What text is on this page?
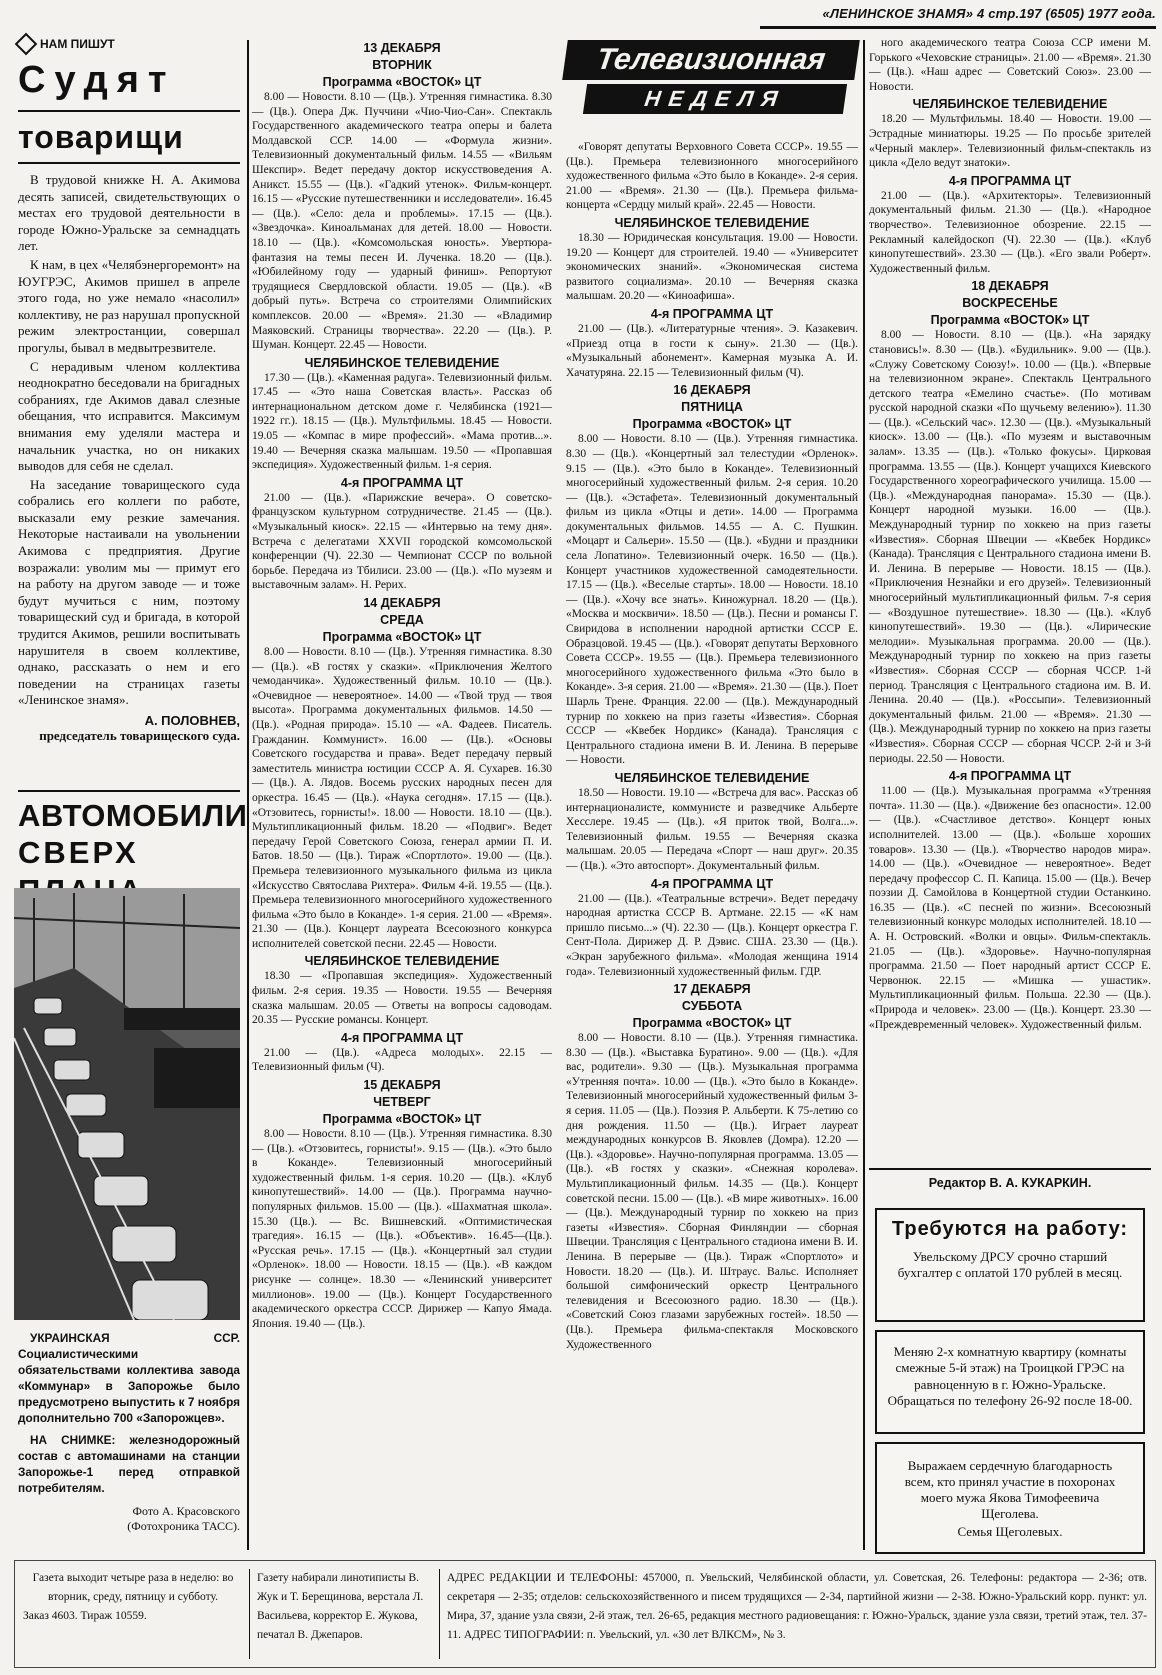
«ЛЕНИНСКОЕ ЗНАМЯ» 4 стр.197 (6505) 1977 года.
НАМ ПИШУТ
Судят
товарищи

В трудовой книжке Н. А. Акимова десять записей, свидетельствующих о местах его трудовой деятельности в городе Южно-Уральске за семнадцать лет.

К нам, в цех «Челябэнергоремонт» на ЮУГРЭС, Акимов пришел в апреле этого года, но уже немало «насолил» коллективу, не раз нарушал пропускной режим электростанции, совершал прогулы, бывал в медвытрезвителе.

С нерадивым членом коллектива неоднократно беседовали на бригадных собраниях, где Акимов давал слезные обещания, что исправится. Максимум внимания ему уделяли мастера и начальник участка, но он никаких выводов для себя не сделал.

На заседание товарищеского суда собрались его коллеги по работе, высказали ему резкие замечания. Некоторые настаивали на увольнении Акимова с предприятия. Другие возражали: уволим мы — примут его на работу на другом заводе — и тоже будут мучиться с ним, поэтому товарищеский суд и бригада, в которой трудится Акимов, решили воспитывать нарушителя в своем коллективе, однако, рассказать о нем и его поведении на страницах газеты «Ленинское знамя».

А. ПОЛОВНЕВ,
председатель товарищеского суда.
АВТОМОБИЛИ
СВЕРХ

УКРАИНСКАЯ ССР. Социалистическими обязательствами коллектива завода «Коммунар» в Запорожье было предусмотрено выпустить к 7 ноября дополнительно 700 «Запорожцев».

НА СНИМКЕ: железнодорожный состав с автомашинами на станции Запорожье-1 перед отправкой потребителям.

Фото А. Красовского
(Фотохроника ТАСС).
13 ДЕКАБРЯ
ВТОРНИК
Программа «ВОСТОК» ЦТ

8.00 — Новости. 8.10 — (Цв.). Утренняя гимнастика. 8.30 — (Цв.). Опера Дж. Пуччини «Чио-Чио-Сан». Спектакль Государственного академического театра оперы и балета Молдавской ССР. 14.00 — «Формула жизни». Телевизионный документальный фильм. 14.55 — «Вильям Шекспир». Ведет передачу доктор искусствоведения А. Аникст. 15.55 — (Цв.). «Гадкий утенок». Фильм-концерт. 16.15 — «Русские путешественники и исследователи». 16.45 — (Цв.). «Село: дела и проблемы». 17.15 — (Цв.). «Звездочка». Киноальманах для детей. 18.00 — Новости. 18.10 — (Цв.). «Комсомольская юность». Увертюра-фантазия на темы песен И. Лученка. 18.20 — (Цв.). «Юбилейному году — ударный финиш». Репортуют трудящиеся Свердловской области. 19.05 — (Цв.). «В добрый путь». Встреча со строителями Олимпийских комплексов. 20.00 — «Время». 21.30 — «Владимир Маяковский. Страницы творчества». 22.20 — (Цв.). Р. Шуман. Концерт. 22.45 — Новости.

ЧЕЛЯБИНСКОЕ ТЕЛЕВИДЕНИЕ

17.30 — (Цв.). «Каменная радуга». Телевизионный фильм. 17.45 — «Это наша Советская власть». Рассказ об интернациональном детском доме г. Челябинска (1921—1922 гг.). 18.15 — (Цв.). Мультфильмы. 18.45 — Новости. 19.05 — «Компас в мире профессий». «Мама против...». 19.40 — Вечерняя сказка малышам. 19.50 — «Пропавшая экспедиция». Художественный фильм. 1-я серия.

4-я ПРОГРАММА ЦТ

21.00 — (Цв.). «Парижские вечера». О советско-французском культурном сотрудничестве. 21.45 — (Цв.). «Музыкальный киоск». 22.15 — «Интервью на тему дня». Встреча с делегатами XXVII городской комсомольской конференции (Ч). 22.30 — Чемпионат СССР по вольной борьбе. Передача из Тбилиси. 23.00 — (Цв.). «По музеям и выставочным залам». Н. Рерих.

14 ДЕКАБРЯ
СРЕДА
Программа «ВОСТОК» ЦТ

8.00 — Новости. 8.10 — (Цв.). Утренняя гимнастика. 8.30 — (Цв.). «В гостях у сказки». «Приключения Желтого чемоданчика». Художественный фильм. 10.10 — (Цв.). «Очевидное — невероятное». 14.00 — «Твой труд — твоя высота». Программа документальных фильмов. 14.50 — (Цв.). «Родная природа». 15.10 — «А. Фадеев. Писатель. Гражданин. Коммунист». 16.00 — (Цв.). «Основы Советского государства и права». Ведет передачу первый заместитель министра юстиции СССР А. Я. Сухарев. 16.30 — (Цв.). А. Лядов. Восемь русских народных песен для оркестра. 16.45 — (Цв.). «Наука сегодня». 17.15 — (Цв.). «Отзовитесь, горнисты!». 18.00 — Новости. 18.10 — (Цв.). Мультипликационный фильм. 18.20 — «Подвиг». Ведет передачу Герой Советского Союза, генерал армии П. И. Батов. 18.50 — (Цв.). Тираж «Спортлото». 19.00 — (Цв.). Премьера телевизионного музыкального фильма из цикла «Искусство Святослава Рихтера». Фильм 4-й. 19.55 — (Цв.). Премьера телевизионного многосерийного художественного фильма «Это было в Коканде». 1-я серия. 21.00 — «Время». 21.30 — (Цв.). Концерт лауреата Всесоюзного конкурса исполнителей советской песни. 22.45 — Новости.

ЧЕЛЯБИНСКОЕ ТЕЛЕВИДЕНИЕ

18.30 — «Пропавшая экспедиция». Художественный фильм. 2-я серия. 19.35 — Новости. 19.55 — Вечерняя сказка малышам. 20.05 — Ответы на вопросы садоводам. 20.35 — Русские романсы. Концерт.

4-я ПРОГРАММА ЦТ

21.00 — (Цв.). «Адреса молодых». 22.15 — Телевизионный фильм (Ч).

15 ДЕКАБРЯ
ЧЕТВЕРГ
Программа «ВОСТОК» ЦТ

8.00 — Новости. 8.10 — (Цв.). Утренняя гимнастика. 8.30 — (Цв.). «Отзовитесь, горнисты!». 9.15 — (Цв.). «Это было в Коканде». Телевизионный многосерийный художественный фильм. 1-я серия. 10.20 — (Цв.). «Клуб кинопутешествий». 14.00 — (Цв.). Программа научно-популярных фильмов. 15.00 — (Цв.). «Шахматная школа». 15.30 (Цв.). — Вс. Вишневский. «Оптимистическая трагедия». 16.15 — (Цв.). «Объектив». 16.45—(Цв.). «Русская речь». 17.15 — (Цв.). «Концертный зал студии «Орленок». 18.00 — Новости. 18.15 — (Цв.). «В каждом рисунке — солнце». 18.30 — «Ленинский университет миллионов». 19.00 — (Цв.). Концерт Государственного академического оркестра СССР. Дирижер — Капуо Ямада. Япония. 19.40 — (Цв.).

Телевизионная
НЕДЕЛЯ

«Говорят депутаты Верховного Совета СССР». 19.55 — (Цв.). Премьера телевизионного многосерийного художественного фильма «Это было в Коканде». 2-я серия. 21.00 — «Время». 21.30 — (Цв.). Премьера фильма-концерта «Сердцу милый край». 22.45 — Новости.

ЧЕЛЯБИНСКОЕ ТЕЛЕВИДЕНИЕ

18.30 — Юридическая консультация. 19.00 — Новости. 19.20 — Концерт для строителей. 19.40 — «Университет экономических знаний». «Экономическая система развитого социализма». 20.10 — Вечерняя сказка малышам. 20.20 — «Киноафиша».

4-я ПРОГРАММА ЦТ

21.00 — (Цв.). «Литературные чтения». Э. Казакевич. «Приезд отца в гости к сыну». 21.30 — (Цв.). «Музыкальный абонемент». Камерная музыка А. И. Хачатуряна. 22.15 — Телевизионный фильм (Ч).

16 ДЕКАБРЯ
ПЯТНИЦА
Программа «ВОСТОК» ЦТ

8.00 — Новости. 8.10 — (Цв.). Утренняя гимнастика. 8.30 — (Цв.). «Концертный зал телестудии «Орленок». 9.15 — (Цв.). «Это было в Коканде». Телевизионный многосерийный художественный фильм. 2-я серия. 10.20 — (Цв.). «Эстафета». Телевизионный документальный фильм из цикла «Отцы и дети». 14.00 — Программа документальных фильмов. 14.55 — А. С. Пушкин. «Моцарт и Сальери». 15.50 — (Цв.). «Будни и праздники села Лопатино». Телевизионный очерк. 16.50 — (Цв.). Концерт участников художественной самодеятельности. 17.15 — (Цв.). «Веселые старты». 18.00 — Новости. 18.10 — (Цв.). «Хочу все знать». Киножурнал. 18.20 — (Цв.). «Москва и москвичи». 18.50 — (Цв.). Песни и романсы Г. Свиридова в исполнении народной артистки СССР Е. Образцовой. 19.45 — (Цв.). «Говорят депутаты Верховного Совета СССР». 19.55 — (Цв.). Премьера телевизионного многосерийного художественного фильма «Это было в Коканде». 3-я серия. 21.00 — «Время». 21.30 — (Цв.). Поет Шарль Трене. Франция. 22.00 — (Цв.). Международный турнир по хоккею на приз газеты «Известия». Сборная СССР — «Квебек Нордикс» (Канада). Трансляция с Центрального стадиона имени В. И. Ленина. В перерыве — Новости.

ЧЕЛЯБИНСКОЕ ТЕЛЕВИДЕНИЕ

18.50 — Новости. 19.10 — «Встреча для вас». Рассказ об интернационалисте, коммунисте и разведчике Альберте Хесслере. 19.45 — (Цв.). «Я приток твой, Волга...». Телевизионный фильм. 19.55 — Вечерняя сказка малышам. 20.05 — Передача «Спорт — наш друг». 20.35 — (Цв.). «Это автоспорт». Документальный фильм.

4-я ПРОГРАММА ЦТ

21.00 — (Цв.). «Театральные встречи». Ведет передачу народная артистка СССР В. Артмане. 22.15 — «К нам пришло письмо...» (Ч). 22.30 — (Цв.). Концерт оркестра Г. Сент-Пола. Дирижер Д. Р. Дэвис. США. 23.30 — (Цв.). «Экран зарубежного фильма». «Молодая женщина 1914 года». Телевизионный художественный фильм. ГДР.

17 ДЕКАБРЯ
СУББОТА
Программа «ВОСТОК» ЦТ

8.00 — Новости. 8.10 — (Цв.). Утренняя гимнастика. 8.30 — (Цв.). «Выставка Буратино». 9.00 — (Цв.). «Для вас, родители». 9.30 — (Цв.). Музыкальная программа «Утренняя почта». 10.00 — (Цв.). «Это было в Коканде». Телевизионный многосерийный художественный фильм 3-я серия. 11.05 — (Цв.). Поэзия Р. Альберти. К 75-летию со дня рождения. 11.50 — (Цв.). Играет лауреат международных конкурсов В. Яковлев (Домра). 12.20 — (Цв.). «Здоровье». Научно-популярная программа. 13.05 — (Цв.). «В гостях у сказки». «Снежная королева». Мультипликационный фильм. 14.35 — (Цв.). Концерт советской песни. 15.00 — (Цв.). «В мире животных». 16.00 — (Цв.). Международный турнир по хоккею на приз газеты «Известия». Сборная Финляндии — сборная Швеции. Трансляция с Центрального стадиона имени В. И. Ленина. В перерыве — (Цв.). Тираж «Спортлото» и Новости. 18.20 — (Цв.). И. Штраус. Вальс. Исполняет большой симфонический оркестр Центрального телевидения и Всесоюзного радио. 18.30 — (Цв.). «Советский Союз глазами зарубежных гостей». 18.50 — (Цв.). Премьера фильма-спектакля Московского Художественного

ного академического театра Союза ССР имени М. Горького «Чеховские страницы». 21.00 — «Время». 21.30 — (Цв.). «Наш адрес — Советский Союз». 23.00 — Новости.

ЧЕЛЯБИНСКОЕ ТЕЛЕВИДЕНИЕ

18.20 — Мультфильмы. 18.40 — Новости. 19.00 — Эстрадные миниатюры. 19.25 — По просьбе зрителей «Черный маклер». Телевизионный фильм-спектакль из цикла «Дело ведут знатоки».

4-я ПРОГРАММА ЦТ

21.00 — (Цв.). «Архитекторы». Телевизионный документальный фильм. 21.30 — (Цв.). «Народное творчество». Телевизионное обозрение. 22.15 — Рекламный калейдоскоп (Ч). 22.30 — (Цв.). «Клуб кинопутешествий». 23.30 — (Цв.). «Его звали Роберт». Художественный фильм.

18 ДЕКАБРЯ
ВОСКРЕСЕНЬЕ
Программа «ВОСТОК» ЦТ

8.00 — Новости. 8.10 — (Цв.). «На зарядку становись!». 8.30 — (Цв.). «Будильник». 9.00 — (Цв.). «Служу Советскому Союзу!». 10.00 — (Цв.). «Впервые на телевизионном экране». Спектакль Центрального детского театра «Емелино счастье». (По мотивам русской народной сказки «По щучьему велению»). 11.30 — (Цв.). «Сельский час». 12.30 — (Цв.). «Музыкальный киоск». 13.00 — (Цв.). «По музеям и выставочным залам». 13.35 — (Цв.). «Только фокусы». Цирковая программа. 13.55 — (Цв.). Концерт учащихся Киевского Государственного хореографического училища. 15.00 — (Цв.). «Международная панорама». 15.30 — (Цв.). Концерт народной музыки. 16.00 — (Цв.). Международный турнир по хоккею на приз газеты «Известия». Сборная Швеции — «Квебек Нордикс» (Канада). Трансляция с Центрального стадиона имени В. И. Ленина. В перерыве — Новости. 18.15 — (Цв.). «Приключения Незнайки и его друзей». Телевизионный многосерийный мультипликационный фильм. 7-я серия — «Воздушное путешествие». 18.30 — (Цв.). «Клуб кинопутешествий». 19.30 — (Цв.). «Лирические мелодии». Музыкальная программа. 20.00 — (Цв.). Международный турнир по хоккею на приз газеты «Известия». Сборная СССР — сборная ЧССР. 1-й период. Трансляция с Центрального стадиона им. В. И. Ленина. 20.40 — (Цв.). «Россыпи». Телевизионный документальный фильм. 21.00 — «Время». 21.30 — (Цв.). Международный турнир по хоккею на приз газеты «Известия». Сборная СССР — сборная ЧССР. 2-й и 3-й периоды. 22.50 — Новости.

4-я ПРОГРАММА ЦТ

11.00 — (Цв.). Музыкальная программа «Утренняя почта». 11.30 — (Цв.). «Движение без опасности». 12.00 — (Цв.). «Счастливое детство». Концерт юных исполнителей. 13.00 — (Цв.). «Больше хороших товаров». 13.30 — (Цв.). «Творчество народов мира». 14.00 — (Цв.). «Очевидное — невероятное». Ведет передачу профессор С. П. Капица. 15.00 — (Цв.). Вечер поэзии Д. Самойлова в Концертной студии Останкино. 16.35 — (Цв.). «С песней по жизни». Всесоюзный телевизионный конкурс молодых исполнителей. 18.10 — А. Н. Островский. «Волки и овцы». Фильм-спектакль. 21.05 — (Цв.). «Здоровье». Научно-популярная программа. 21.50 — Поет народный артист СССР Е. Червонюк. 22.15 — «Мишка — ушастик». Мультипликационный фильм. Польша. 22.30 — (Цв.). «Природа и человек». 23.00 — (Цв.). Концерт. 23.30 — «Преждевременный человек». Художественный фильм.

Редактор В. А. КУКАРКИН.
Требуются на работу:
Увельскому ДРСУ срочно старший бухгалтер с оплатой 170 рублей в месяц.
Меняю 2-х комнатную квартиру (комнаты смежные 5-й этаж) на Троицкой ГРЭС на равноценную в г. Южно-Уральске. Обращаться по телефону 26-92 после 18-00.
Выражаем сердечную благодарность всем, кто принял участие в похоронах моего мужа Якова Тимофеевича Щеголева.
Семья Щеголевых.
Газета выходит четыре раза в неделю: во вторник, среду, пятницу и субботу.
Заказ 4603. Тираж 10559.
Газету набирали линотиписты В. Жук и Т. Берещинова, верстала Л. Васильева, корректор Е. Жукова, печатал В. Джепаров.
АДРЕС РЕДАКЦИИ И ТЕЛЕФОНЫ: 457000, п. Увельский, Челябинской области, ул. Советская, 26. Телефоны: редактора — 2-36; отв. секретаря — 2-35; отделов: сельскохозяйственного и писем трудящихся — 2-34, партийной жизни — 2-38. Южно-Уральский корр. пункт: ул. Мира, 37, здание узла связи, 2-й этаж, тел. 26-65, редакция местного радиовещания: г. Южно-Уральск, здание узла связи, третий этаж, тел. 37-11. АДРЕС ТИПОГРАФИИ: п. Увельский, ул. «30 лет ВЛКСМ», № 3.
